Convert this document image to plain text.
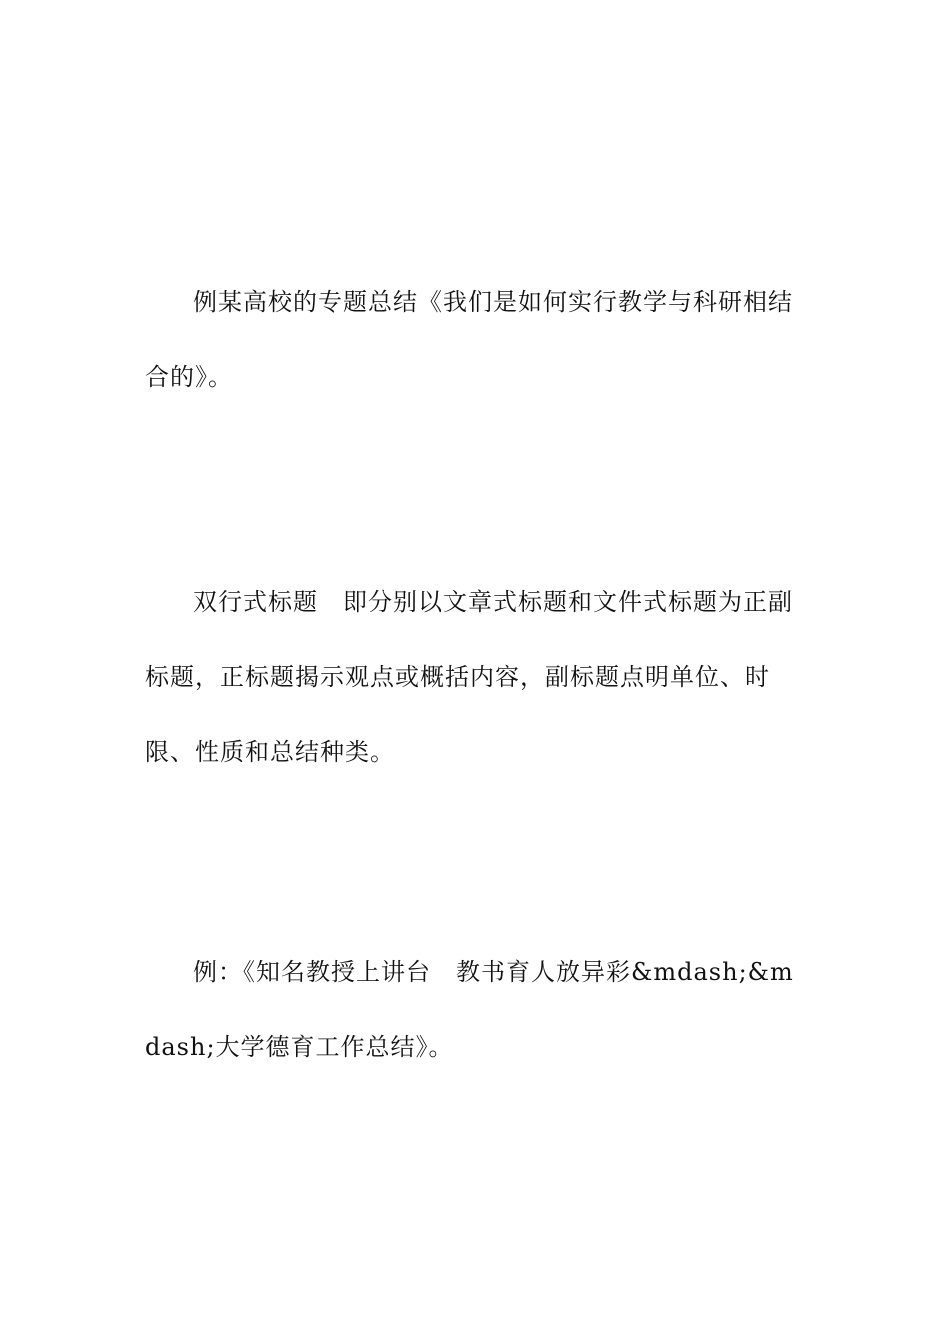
例某高校的专题总结《我们是如何实行教学与科研相结合的》。

双行式标题　即分别以文章式标题和文件式标题为正副标题，正标题揭示观点或概括内容，副标题点明单位、时限、性质和总结种类。

例：《知名教授上讲台　教书育人放异彩&mdash;&mdash;大学德育工作总结》。
